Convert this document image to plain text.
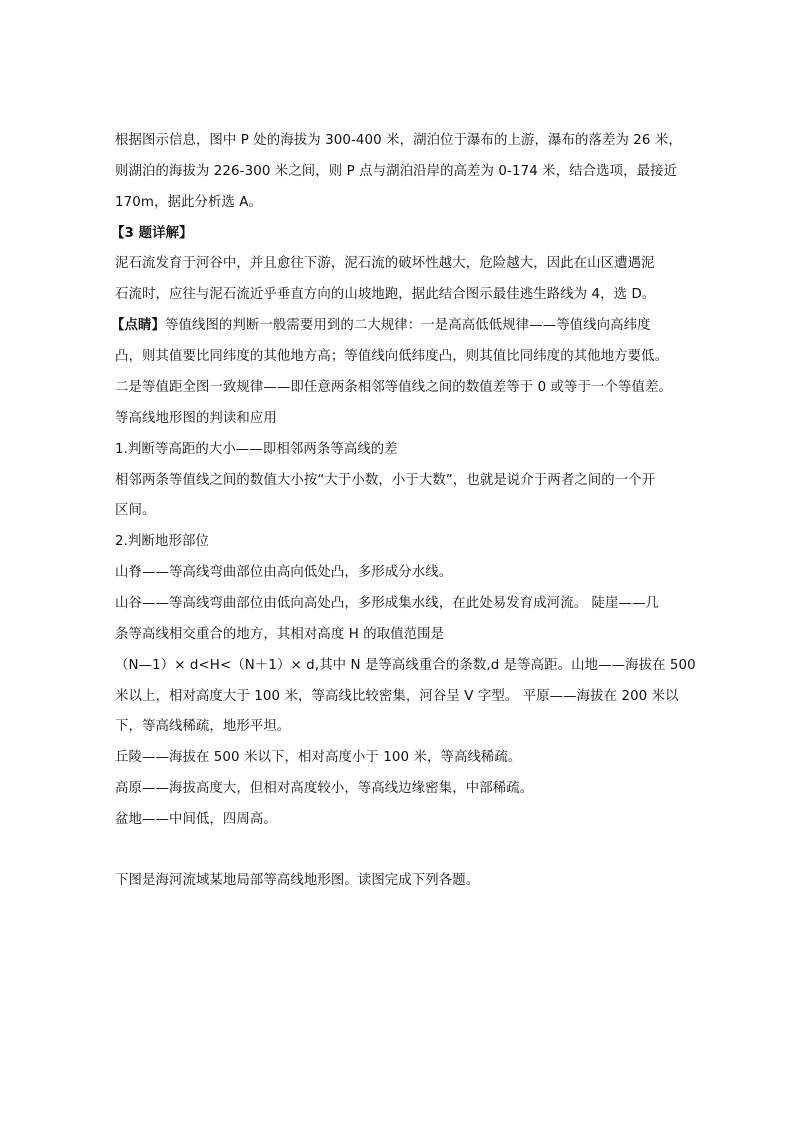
根据图示信息，图中 P 处的海拔为 300-400 米，湖泊位于瀑布的上游，瀑布的落差为 26 米，
则湖泊的海拔为 226-300 米之间，则 P 点与湖泊沿岸的高差为 0-174 米，结合选项，最接近
170m，据此分析选 A。
【3 题详解】
泥石流发育于河谷中，并且愈往下游，泥石流的破坏性越大，危险越大，因此在山区遭遇泥
石流时，应往与泥石流近乎垂直方向的山坡地跑，据此结合图示最佳逃生路线为 4，选 D。
【点睛】等值线图的判断一般需要用到的二大规律：一是高高低低规律——等值线向高纬度
凸，则其值要比同纬度的其他地方高；等值线向低纬度凸，则其值比同纬度的其他地方要低。
二是等值距全图一致规律——即任意两条相邻等值线之间的数值差等于 0 或等于一个等值差。
等高线地形图的判读和应用
1.判断等高距的大小——即相邻两条等高线的差
相邻两条等值线之间的数值大小按“大于小数，小于大数”，也就是说介于两者之间的一个开
区间。
2.判断地形部位
山脊——等高线弯曲部位由高向低处凸，多形成分水线。
山谷——等高线弯曲部位由低向高处凸，多形成集水线，在此处易发育成河流。 陡崖——几
条等高线相交重合的地方，其相对高度 H 的取值范围是
（N—1）× d<H<（N＋1）× d,其中 N 是等高线重合的条数,d 是等高距。山地——海拔在 500
米以上，相对高度大于 100 米，等高线比较密集，河谷呈 V 字型。 平原——海拔在 200 米以
下，等高线稀疏，地形平坦。
丘陵——海拔在 500 米以下，相对高度小于 100 米，等高线稀疏。
高原——海拔高度大，但相对高度较小，等高线边缘密集，中部稀疏。
盆地——中间低，四周高。
下图是海河流域某地局部等高线地形图。读图完成下列各题。
